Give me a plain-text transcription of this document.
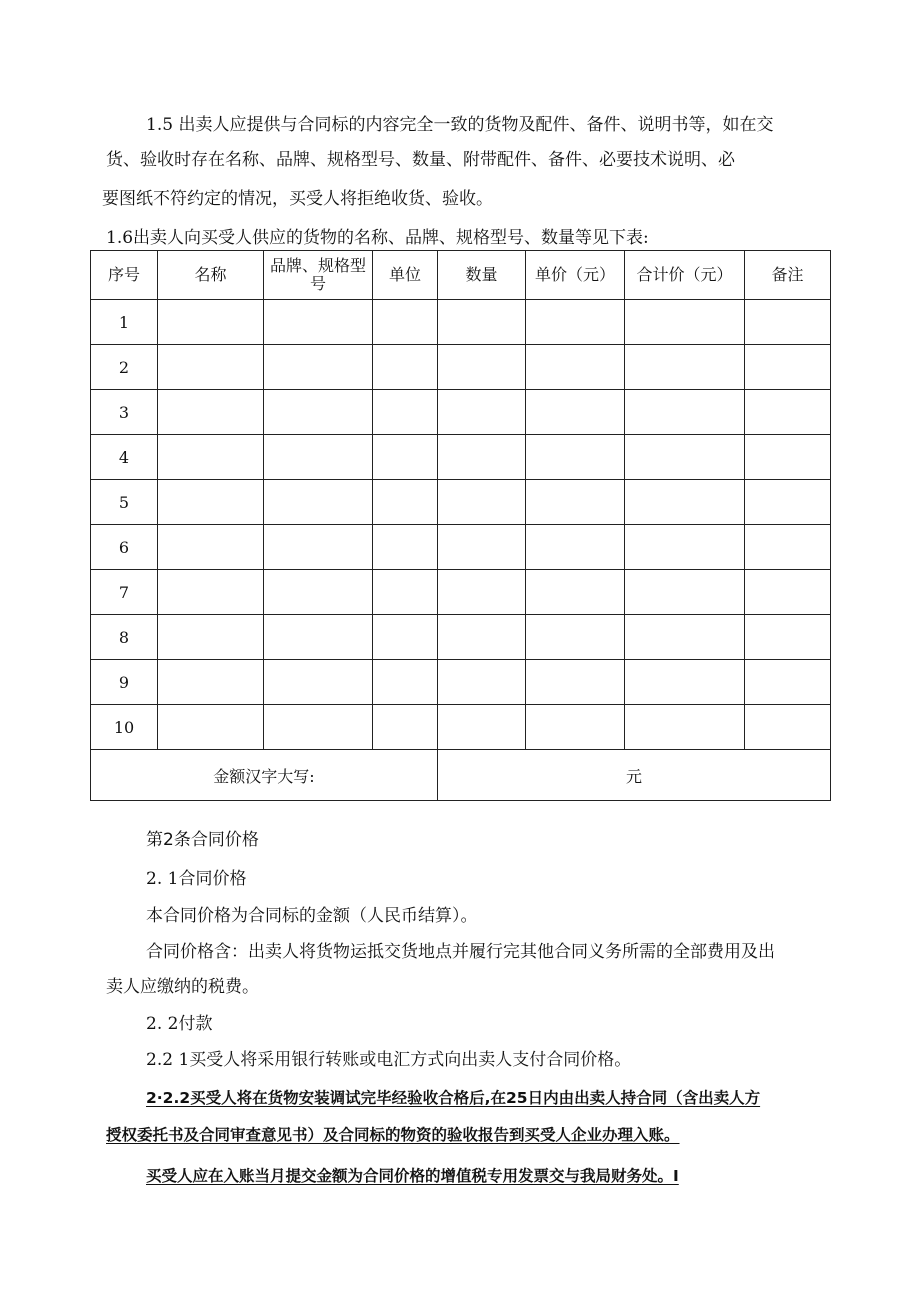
1.5 出卖人应提供与合同标的内容完全一致的货物及配件、备件、说明书等，如在交
货、验收时存在名称、品牌、规格型号、数量、附带配件、备件、必要技术说明、必
要图纸不符约定的情况，买受人将拒绝收货、验收。
1.6出卖人向买受人供应的货物的名称、品牌、规格型号、数量等见下表:
序号	名称	品牌、规格型号	单位	数量	单价（元）	合计价（元）	备注
1							
2							
3							
4							
5							
6							
7							
8							
9							
10							
金额汉字大写:				元			
第2条合同价格
2. 1合同价格
本合同价格为合同标的金额（人民币结算）。
合同价格含：出卖人将货物运抵交货地点并履行完其他合同义务所需的全部费用及出
卖人应缴纳的税费。
2. 2付款
2.2 1买受人将采用银行转账或电汇方式向出卖人支付合同价格。
2·2.2买受人将在货物安装调试完毕经验收合格后,在25日内由出卖人持合同（含出卖人方
授权委托书及合同审查意见书）及合同标的物资的验收报告到买受人企业办理入账。
买受人应在入账当月提交金额为合同价格的增值税专用发票交与我局财务处。I
